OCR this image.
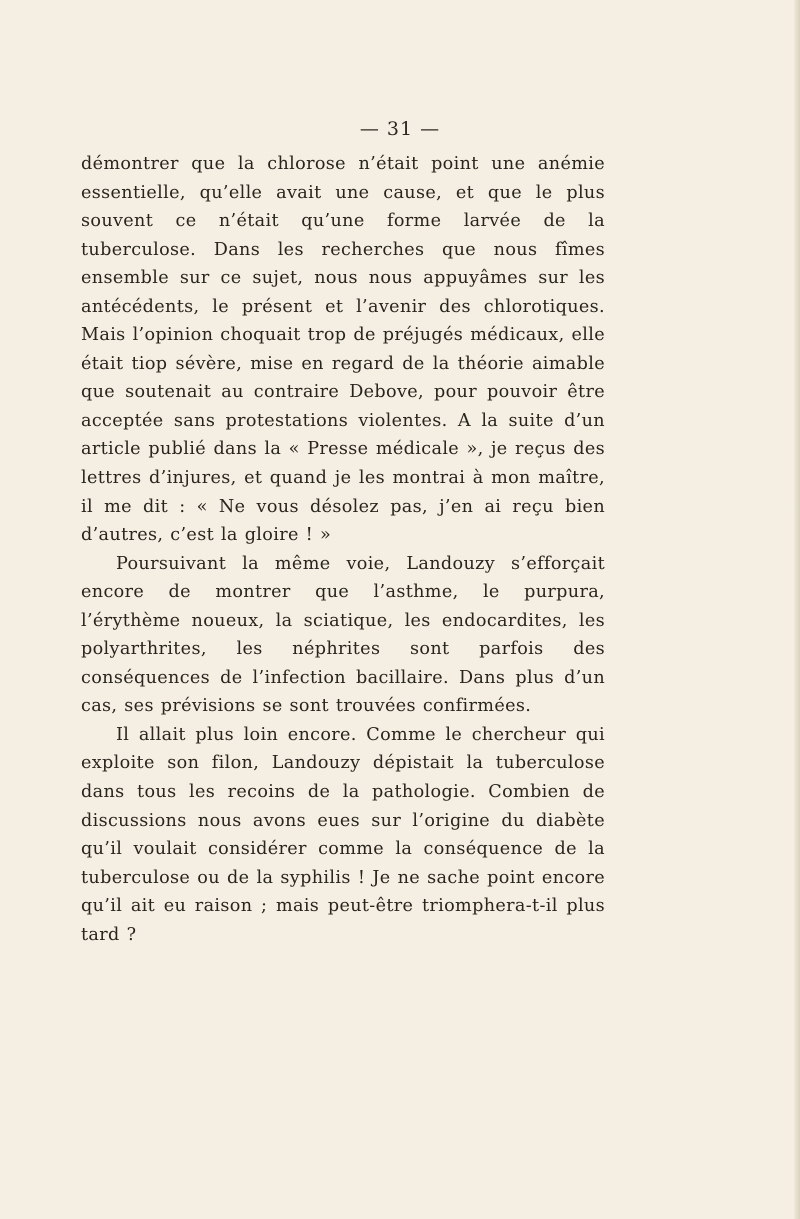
— 31 —

démontrer que la chlorose n’était point une anémie essentielle, qu’elle avait une cause, et que le plus souvent ce n’était qu’une forme larvée de la tuberculose. Dans les recherches que nous fîmes ensemble sur ce sujet, nous nous appuyâmes sur les antécédents, le présent et l’avenir des chlorotiques. Mais l’opinion choquait trop de préjugés médicaux, elle était tiop sévère, mise en regard de la théorie aimable que soutenait au contraire Debove, pour pouvoir être acceptée sans protestations violentes. A la suite d’un article publié dans la « Presse médicale », je reçus des lettres d’injures, et quand je les montrai à mon maître, il me dit : « Ne vous désolez pas, j’en ai reçu bien d’autres, c’est la gloire ! »

Poursuivant la même voie, Landouzy s’efforçait encore de montrer que l’asthme, le purpura, l’érythème noueux, la sciatique, les endocardites, les polyarthrites, les néphrites sont parfois des conséquences de l’infection bacillaire. Dans plus d’un cas, ses prévisions se sont trouvées confirmées.

Il allait plus loin encore. Comme le chercheur qui exploite son filon, Landouzy dépistait la tuberculose dans tous les recoins de la pathologie. Combien de discussions nous avons eues sur l’origine du diabète qu’il voulait considérer comme la conséquence de la tuberculose ou de la syphilis ! Je ne sache point encore qu’il ait eu raison ; mais peut-être triomphera-t-il plus tard ?
